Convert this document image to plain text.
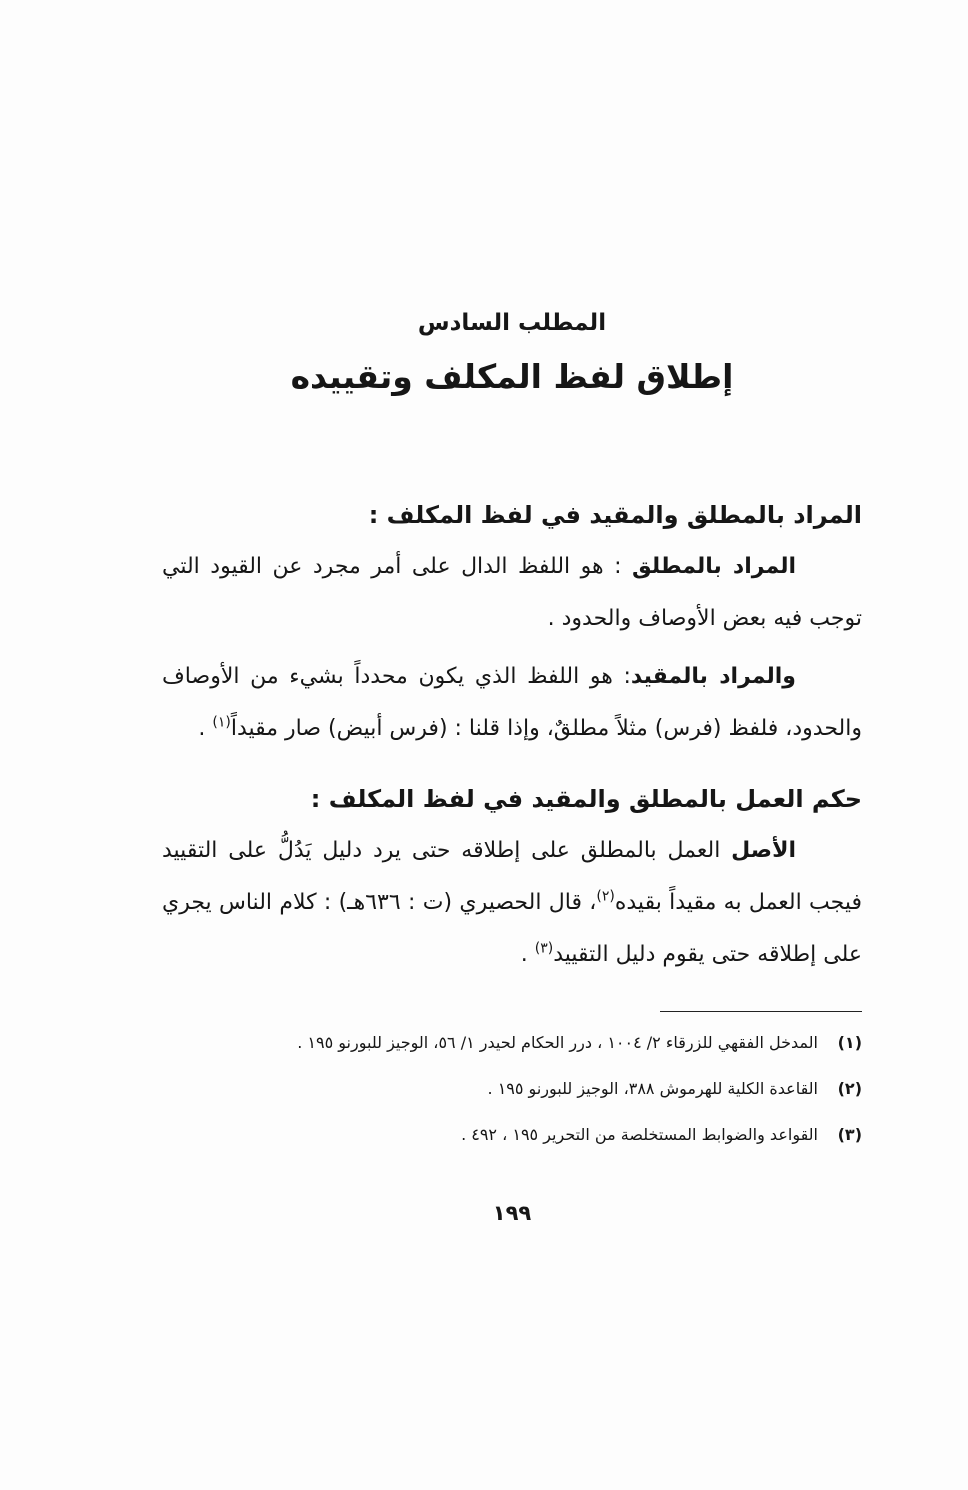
المطلب السادس
إطلاق لفظ المكلف وتقييده
المراد بالمطلق والمقيد في لفظ المكلف :

المراد بالمطلق : هو اللفظ الدال على أمر مجرد عن القيود التي توجب فيه بعض الأوصاف والحدود .

والمراد بالمقيد: هو اللفظ الذي يكون محدداً بشيء من الأوصاف والحدود، فلفظ (فرس) مثلاً مطلقٌ، وإذا قلنا : (فرس أبيض) صار مقيداً$^{(١)}$ .

حكم العمل بالمطلق والمقيد في لفظ المكلف :

الأصل العمل بالمطلق على إطلاقه حتى يرد دليل يَدُلُّ على التقييد فيجب العمل به مقيداً بقيده$^{(٢)}$، قال الحصيري (ت : ٦٣٦هـ) : كلام الناس يجري على إطلاقه حتى يقوم دليل التقييد$^{(٣)}$ .

(١)
المدخل الفقهي للزرقاء ٢/ ١٠٠٤ ، درر الحكام لحيدر ١/ ٥٦، الوجيز للبورنو ١٩٥ .
(٢)
القاعدة الكلية للهرموش ٣٨٨، الوجيز للبورنو ١٩٥ .
(٣)
القواعد والضوابط المستخلصة من التحرير ١٩٥ ، ٤٩٢ .
١٩٩
